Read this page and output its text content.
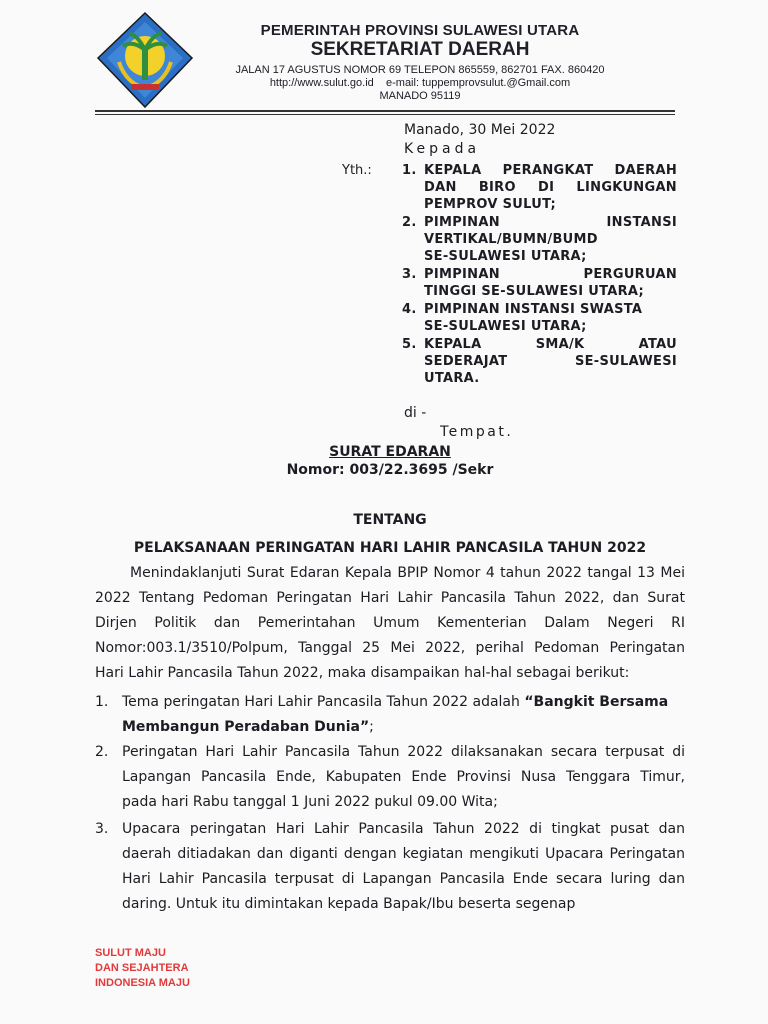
PEMERINTAH PROVINSI SULAWESI UTARA
SEKRETARIAT DAERAH
JALAN 17 AGUSTUS NOMOR 69 TELEPON 865559, 862701 FAX. 860420
http://www.sulut.go.id e-mail: tuppemprovsulut.@Gmail.com
MANADO 95119
Manado, 30 Mei 2022
Kepada
Yth.: 1. KEPALA PERANGKAT DAERAH
DAN BIRO DI LINGKUNGAN
PEMPROV SULUT;
2. PIMPINAN INSTANSI
VERTIKAL/BUMN/BUMD
SE-SULAWESI UTARA;
3. PIMPINAN PERGURUAN
TINGGI SE-SULAWESI UTARA;
4. PIMPINAN INSTANSI SWASTA
SE-SULAWESI UTARA;
5. KEPALA SMA/K ATAU
SEDERAJAT SE-SULAWESI
UTARA.
di -
Tempat.
SURAT EDARAN
Nomor: 003/22.3695 /Sekr
TENTANG
PELAKSANAAN PERINGATAN HARI LAHIR PANCASILA TAHUN 2022
Menindaklanjuti Surat Edaran Kepala BPIP Nomor 4 tahun 2022 tangal 13 Mei
2022 Tentang Pedoman Peringatan Hari Lahir Pancasila Tahun 2022, dan Surat
Dirjen Politik dan Pemerintahan Umum Kementerian Dalam Negeri RI
Nomor:003.1/3510/Polpum, Tanggal 25 Mei 2022, perihal Pedoman Peringatan
Hari Lahir Pancasila Tahun 2022, maka disampaikan hal-hal sebagai berikut:
1. Tema peringatan Hari Lahir Pancasila Tahun 2022 adalah “Bangkit Bersama
Membangun Peradaban Dunia”;
2. Peringatan Hari Lahir Pancasila Tahun 2022 dilaksanakan secara terpusat di
Lapangan Pancasila Ende, Kabupaten Ende Provinsi Nusa Tenggara Timur,
pada hari Rabu tanggal 1 Juni 2022 pukul 09.00 Wita;
3. Upacara peringatan Hari Lahir Pancasila Tahun 2022 di tingkat pusat dan
daerah ditiadakan dan diganti dengan kegiatan mengikuti Upacara Peringatan
Hari Lahir Pancasila terpusat di Lapangan Pancasila Ende secara luring dan
daring. Untuk itu dimintakan kepada Bapak/Ibu beserta segenap
SULUT MAJU
DAN SEJAHTERA
INDONESIA MAJU
